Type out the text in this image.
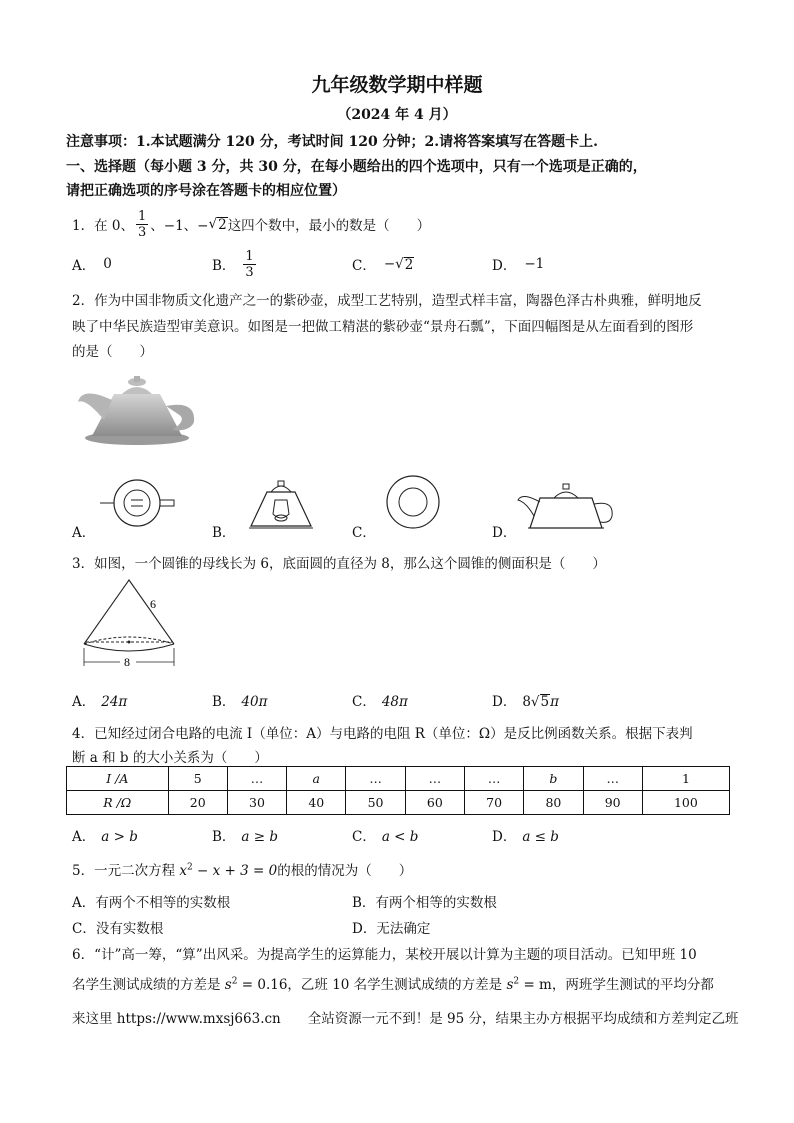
九年级数学期中样题
（2024 年 4 月）
注意事项：1.本试题满分 120 分，考试时间 120 分钟；2.请将答案填写在答题卡上.
一、选择题（每小题 3 分，共 30 分，在每小题给出的四个选项中，只有一个选项是正确的，
请把正确选项的序号涂在答题卡的相应位置）
1．在 0、 $\frac{1}{3}$ 、−1、− √ 2 这四个数中，最小的数是（　　）
A． 0	B． $\frac{1}{3}$	C． − √ 2	D． −1
2．作为中国非物质文化遗产之一的紫砂壶，成型工艺特别，造型式样丰富，陶器色泽古朴典雅，鲜明地反
映了中华民族造型审美意识。如图是一把做工精湛的紫砂壶“景舟石瓢”，下面四幅图是从左面看到的图形
的是（　　）
A．	B．	C．	D．
3．如图，一个圆锥的母线长为 6，底面圆的直径为 8，那么这个圆锥的侧面积是（　　）
6
8
A． 24π	B． 40π	C． 48π	D． 8√5π
4．已知经过闭合电路的电流 I（单位：A）与电路的电阻 R（单位：Ω）是反比例函数关系。根据下表判
断 a 和 b 的大小关系为（　　）
I /A	5	…	a	…	…	…	b	…	1
R /Ω	20	30	40	50	60	70	80	90	100
A． a > b	B． a ≥ b	C． a < b	D． a ≤ b
5．一元二次方程 $x^2 - x + 3 = 0$的根的情况为（　　）
A．有两个不相等的实数根	B．有两个相等的实数根
C．没有实数根	D．无法确定
6．“计”高一筹，“算”出风采。为提高学生的运算能力，某校开展以计算为主题的项目活动。已知甲班 10
名学生测试成绩的方差是 $s^2 = 0.16$，乙班 10 名学生测试成绩的方差是 $s^2 = m$，两班学生测试的平均分都
来这里 https://www.mxsj663.cn　　全站资源一元不到！是 95 分，结果主办方根据平均成绩和方差判定乙班
